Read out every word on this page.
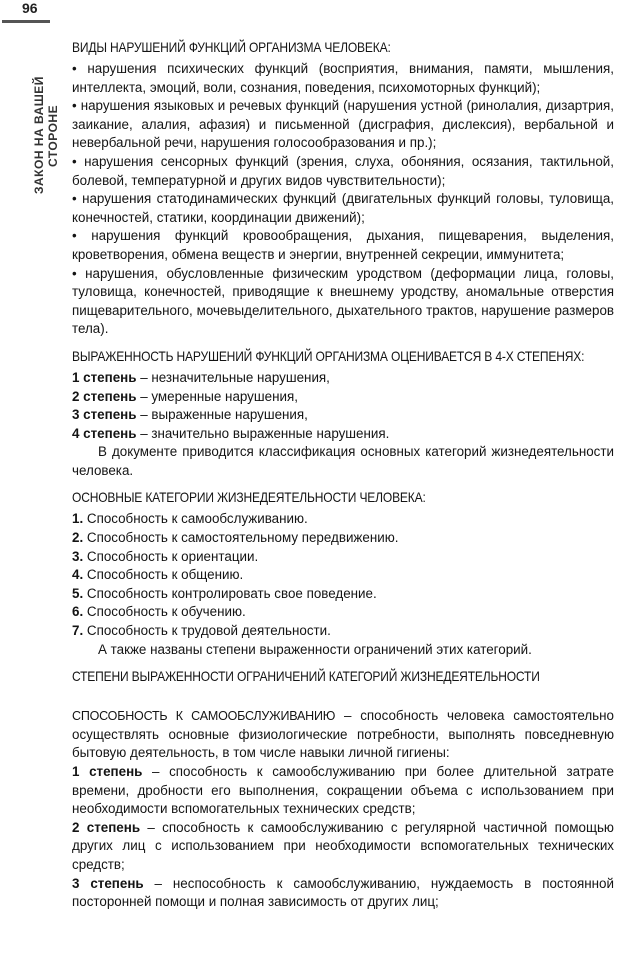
96
ЗАКОН НА ВАШЕЙ СТОРОНЕ
ВИДЫ НАРУШЕНИЙ ФУНКЦИЙ ОРГАНИЗМА ЧЕЛОВЕКА:

• нарушения психических функций (восприятия, внимания, памяти, мышления, интеллекта, эмоций, воли, сознания, поведения, психомоторных функций);

• нарушения языковых и речевых функций (нарушения устной (ринолалия, дизартрия, заикание, алалия, афазия) и письменной (дисграфия, дислексия), вербальной и невербальной речи, нарушения голосообразования и пр.);

• нарушения сенсорных функций (зрения, слуха, обоняния, осязания, тактильной, болевой, температурной и других видов чувствительности);

• нарушения статодинамических функций (двигательных функций головы, туловища, конечностей, статики, координации движений);

• нарушения функций кровообращения, дыхания, пищеварения, выделения, кроветворения, обмена веществ и энергии, внутренней секреции, иммунитета;

• нарушения, обусловленные физическим уродством (деформации лица, головы, туловища, конечностей, приводящие к внешнему уродству, аномальные отверстия пищеварительного, мочевыделительного, дыхательного трактов, нарушение размеров тела).

ВЫРАЖЕННОСТЬ НАРУШЕНИЙ ФУНКЦИЙ ОРГАНИЗМА ОЦЕНИВАЕТСЯ В 4-Х СТЕПЕНЯХ:

1 степень – незначительные нарушения,

2 степень – умеренные нарушения,

3 степень – выраженные нарушения,

4 степень – значительно выраженные нарушения.

В документе приводится классификация основных категорий жизнедеятельности человека.

ОСНОВНЫЕ КАТЕГОРИИ ЖИЗНЕДЕЯТЕЛЬНОСТИ ЧЕЛОВЕКА:

1. Способность к самообслуживанию.

2. Способность к самостоятельному передвижению.

3. Способность к ориентации.

4. Способность к общению.

5. Способность контролировать свое поведение.

6. Способность к обучению.

7. Способность к трудовой деятельности.

А также названы степени выраженности ограничений этих категорий.

СТЕПЕНИ ВЫРАЖЕННОСТИ ОГРАНИЧЕНИЙ КАТЕГОРИЙ ЖИЗНЕДЕЯТЕЛЬНОСТИ

СПОСОБНОСТЬ К САМООБСЛУЖИВАНИЮ – способность человека самостоятельно осуществлять основные физиологические потребности, выполнять повседневную бытовую деятельность, в том числе навыки личной гигиены:

1 степень – способность к самообслуживанию при более длительной затрате времени, дробности его выполнения, сокращении объема с использованием при необходимости вспомогательных технических средств;

2 степень – способность к самообслуживанию с регулярной частичной помощью других лиц с использованием при необходимости вспомогательных технических средств;

3 степень – неспособность к самообслуживанию, нуждаемость в постоянной посторонней помощи и полная зависимость от других лиц;
